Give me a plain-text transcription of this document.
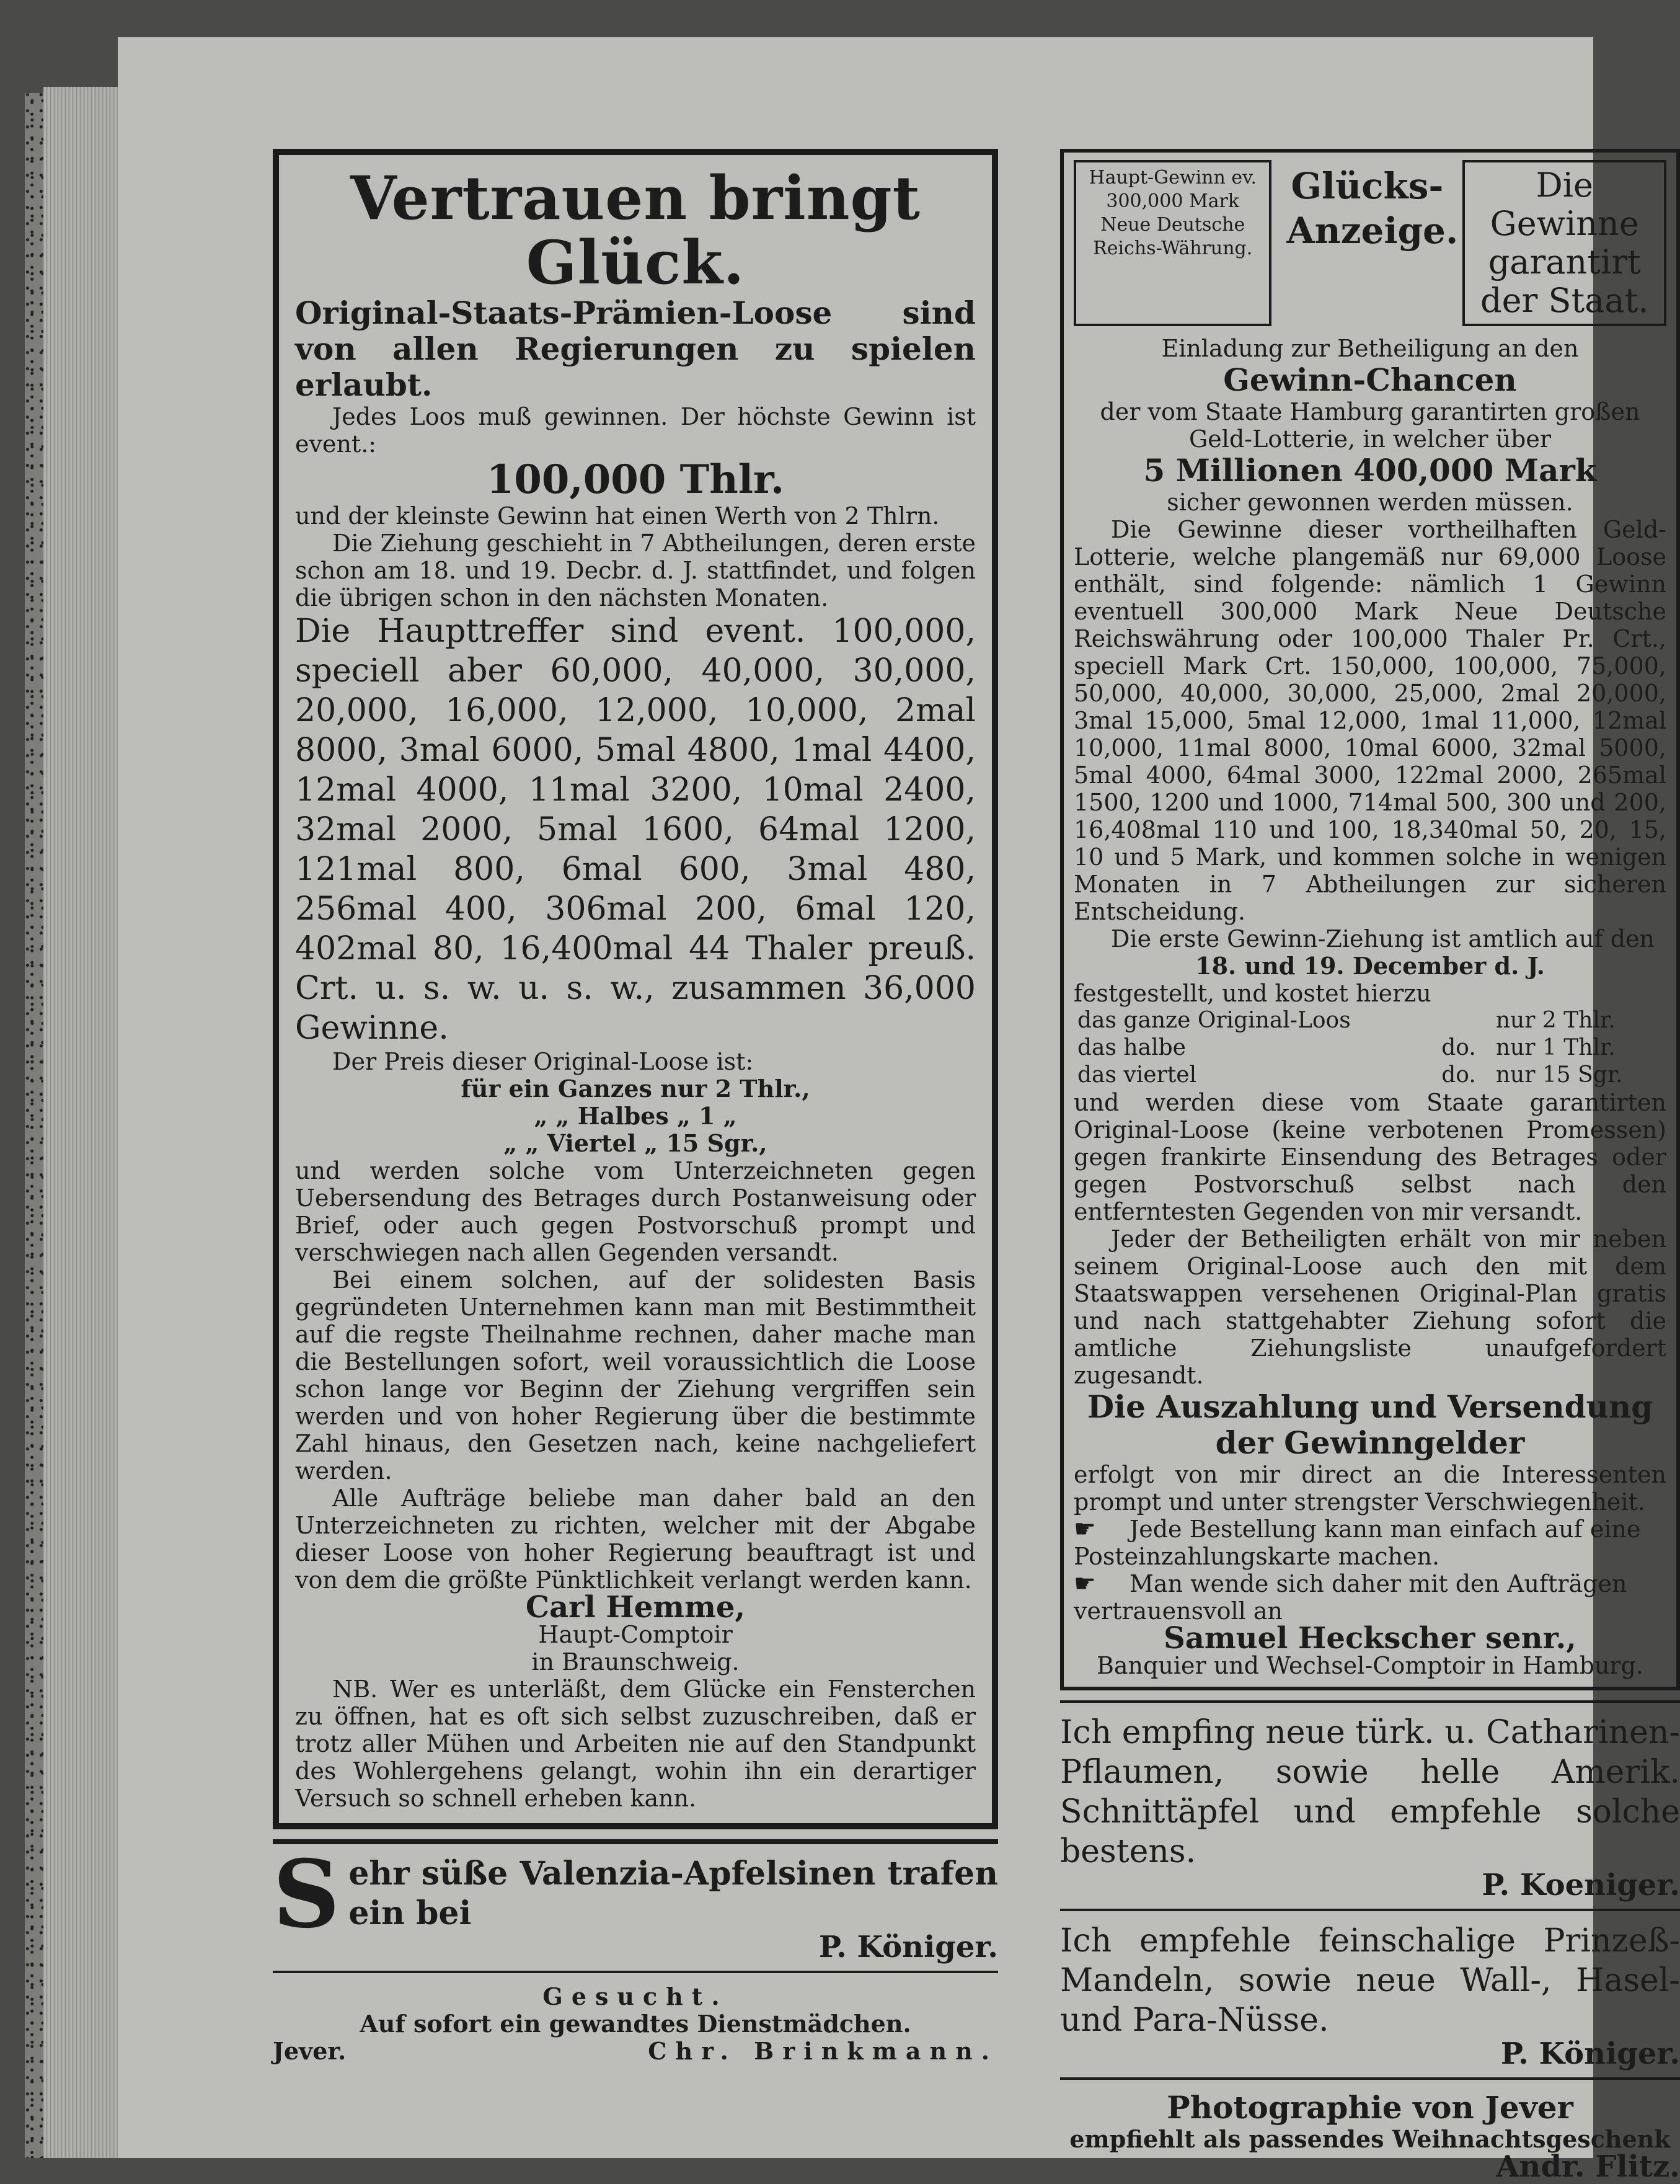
Vertrauen bringt Glück.

Original-Staats-Prämien-Loose sind von allen Regierungen zu spielen erlaubt.

Jedes Loos muß gewinnen. Der höchste Gewinn ist event.:

100,000 Thlr.

und der kleinste Gewinn hat einen Werth von 2 Thlrn.

Die Ziehung geschieht in 7 Abtheilungen, deren erste schon am 18. und 19. Decbr. d. J. stattfindet, und folgen die übrigen schon in den nächsten Monaten.

Die Haupttreffer sind event. 100,000, speciell aber 60,000, 40,000, 30,000, 20,000, 16,000, 12,000, 10,000, 2mal 8000, 3mal 6000, 5mal 4800, 1mal 4400, 12mal 4000, 11mal 3200, 10mal 2400, 32mal 2000, 5mal 1600, 64mal 1200, 121mal 800, 6mal 600, 3mal 480, 256mal 400, 306mal 200, 6mal 120, 402mal 80, 16,400mal 44 Thaler preuß. Crt. u. s. w. u. s. w., zusammen 36,000 Gewinne.

Der Preis dieser Original-Loose ist:

für ein Ganzes nur 2 Thlr.,

„ „ Halbes „ 1 „

„ „ Viertel „ 15 Sgr.,

und werden solche vom Unterzeichneten gegen Uebersendung des Betrages durch Postanweisung oder Brief, oder auch gegen Postvorschuß prompt und verschwiegen nach allen Gegenden versandt.

Bei einem solchen, auf der solidesten Basis gegründeten Unternehmen kann man mit Bestimmtheit auf die regste Theilnahme rechnen, daher mache man die Bestellungen sofort, weil voraussichtlich die Loose schon lange vor Beginn der Ziehung vergriffen sein werden und von hoher Regierung über die bestimmte Zahl hinaus, den Gesetzen nach, keine nachgeliefert werden.

Alle Aufträge beliebe man daher bald an den Unterzeichneten zu richten, welcher mit der Abgabe dieser Loose von hoher Regierung beauftragt ist und von dem die größte Pünktlichkeit verlangt werden kann.

Carl Hemme,

Haupt-Comptoir

in Braunschweig.

NB. Wer es unterläßt, dem Glücke ein Fensterchen zu öffnen, hat es oft sich selbst zuzuschreiben, daß er trotz aller Mühen und Arbeiten nie auf den Standpunkt des Wohlergehens gelangt, wohin ihn ein derartiger Versuch so schnell erheben kann.

S ehr süße Valenzia-Apfelsinen trafen ein bei

P. Königer.

Gesucht.

Auf sofort ein gewandtes Dienstmädchen.

Jever.	Chr. Brinkmann.
Haupt-Gewinn ev. 300,000 Mark Neue Deutsche Reichs-Währung.
Glücks-Anzeige.
Die Gewinne garantirt der Staat.

Einladung zur Betheiligung an den

Gewinn-Chancen

der vom Staate Hamburg garantirten großen Geld-Lotterie, in welcher über

5 Millionen 400,000 Mark

sicher gewonnen werden müssen.

Die Gewinne dieser vortheilhaften Geld-Lotterie, welche plangemäß nur 69,000 Loose enthält, sind folgende: nämlich 1 Gewinn eventuell 300,000 Mark Neue Deutsche Reichswährung oder 100,000 Thaler Pr. Crt., speciell Mark Crt. 150,000, 100,000, 75,000, 50,000, 40,000, 30,000, 25,000, 2mal 20,000, 3mal 15,000, 5mal 12,000, 1mal 11,000, 12mal 10,000, 11mal 8000, 10mal 6000, 32mal 5000, 5mal 4000, 64mal 3000, 122mal 2000, 265mal 1500, 1200 und 1000, 714mal 500, 300 und 200, 16,408mal 110 und 100, 18,340mal 50, 20, 15, 10 und 5 Mark, und kommen solche in wenigen Monaten in 7 Abtheilungen zur sicheren Entscheidung.

Die erste Gewinn-Ziehung ist amtlich auf den

18. und 19. December d. J.

festgestellt, und kostet hierzu

das ganze Original-Loos		nur 2 Thlr.
das halbe	do.	nur 1 Thlr.
das viertel	do.	nur 15 Sgr.

und werden diese vom Staate garantirten Original-Loose (keine verbotenen Promessen) gegen frankirte Einsendung des Betrages oder gegen Postvorschuß selbst nach den entferntesten Gegenden von mir versandt.

Jeder der Betheiligten erhält von mir neben seinem Original-Loose auch den mit dem Staatswappen versehenen Original-Plan gratis und nach stattgehabter Ziehung sofort die amtliche Ziehungsliste unaufgefordert zugesandt.

Die Auszahlung und Versendung der Gewinngelder

erfolgt von mir direct an die Interessenten prompt und unter strengster Verschwiegenheit.

☛ Jede Bestellung kann man einfach auf eine Posteinzahlungskarte machen.

☛ Man wende sich daher mit den Aufträgen vertrauensvoll an

Samuel Heckscher senr.,

Banquier und Wechsel-Comptoir in Hamburg.

Ich empfing neue türk. u. Catharinen-Pflaumen, sowie helle Amerik. Schnittäpfel und empfehle solche bestens.

P. Koeniger.

Ich empfehle feinschalige Prinzeß-Mandeln, sowie neue Wall-, Hasel- und Para-Nüsse.

P. Königer.

Photographie von Jever

empfiehlt als passendes Weihnachtsgeschenk

Andr. Flitz.
